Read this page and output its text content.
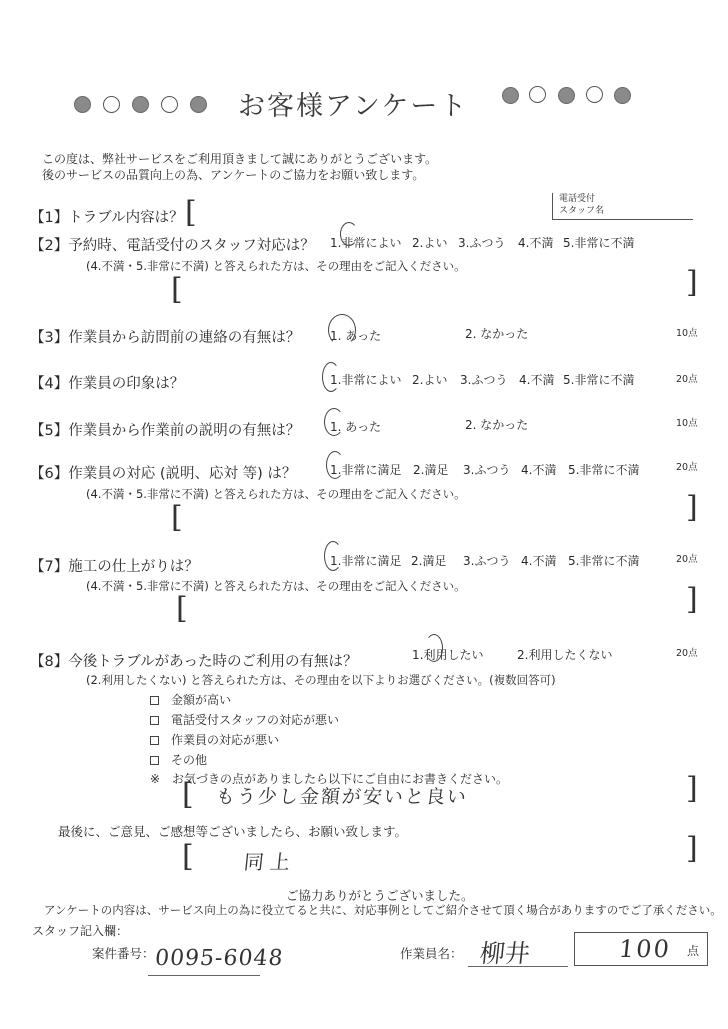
お客様アンケート
この度は、弊社サービスをご利用頂きまして誠にありがとうございます。
後のサービスの品質向上の為、アンケートのご協力をお願い致します。
電話受付
スタッフ名
【1】トラブル内容は？ [
【2】予約時、電話受付のスタッフ対応は？ 1.非常によい 2.よい 3.ふつう 4.不満 5.非常に不満
(4.不満・5.非常に不満) と答えられた方は、その理由をご記入ください。
[	]
【3】作業員から訪問前の連絡の有無は？ 1. あった	2. なかった	10点
【4】作業員の印象は？	1.非常によい 2.よい 3.ふつう 4.不満 5.非常に不満	20点
【5】作業員から作業前の説明の有無は？ 1. あった	2. なかった	10点
【6】作業員の対応 (説明、応対 等) は？	1.非常に満足 2.満足 3.ふつう 4.不満 5.非常に不満	20点
(4.不満・5.非常に不満) と答えられた方は、その理由をご記入ください。
[	]
【7】施工の仕上がりは？	1.非常に満足 2.満足 3.ふつう 4.不満 5.非常に不満	20点
(4.不満・5.非常に不満) と答えられた方は、その理由をご記入ください。
[	]
【8】今後トラブルがあった時のご利用の有無は？	1.利用したい	2.利用したくない	20点
(2.利用したくない) と答えられた方は、その理由を以下よりお選びください。(複数回答可)
金額が高い
電話受付スタッフの対応が悪い
作業員の対応が悪い
その他
※　お気づきの点がありましたら以下にご自由にお書きください。
[ もう少し金額が安いと良い	]
最後に、ご意見、ご感想等ございましたら、お願い致します。
[ 同上	]
ご協力ありがとうございました。
アンケートの内容は、サービス向上の為に役立てると共に、対応事例としてご紹介させて頂く場合がありますのでご了承ください。
スタッフ記入欄：
案件番号： 0095-6048	作業員名： 柳井	100 点
